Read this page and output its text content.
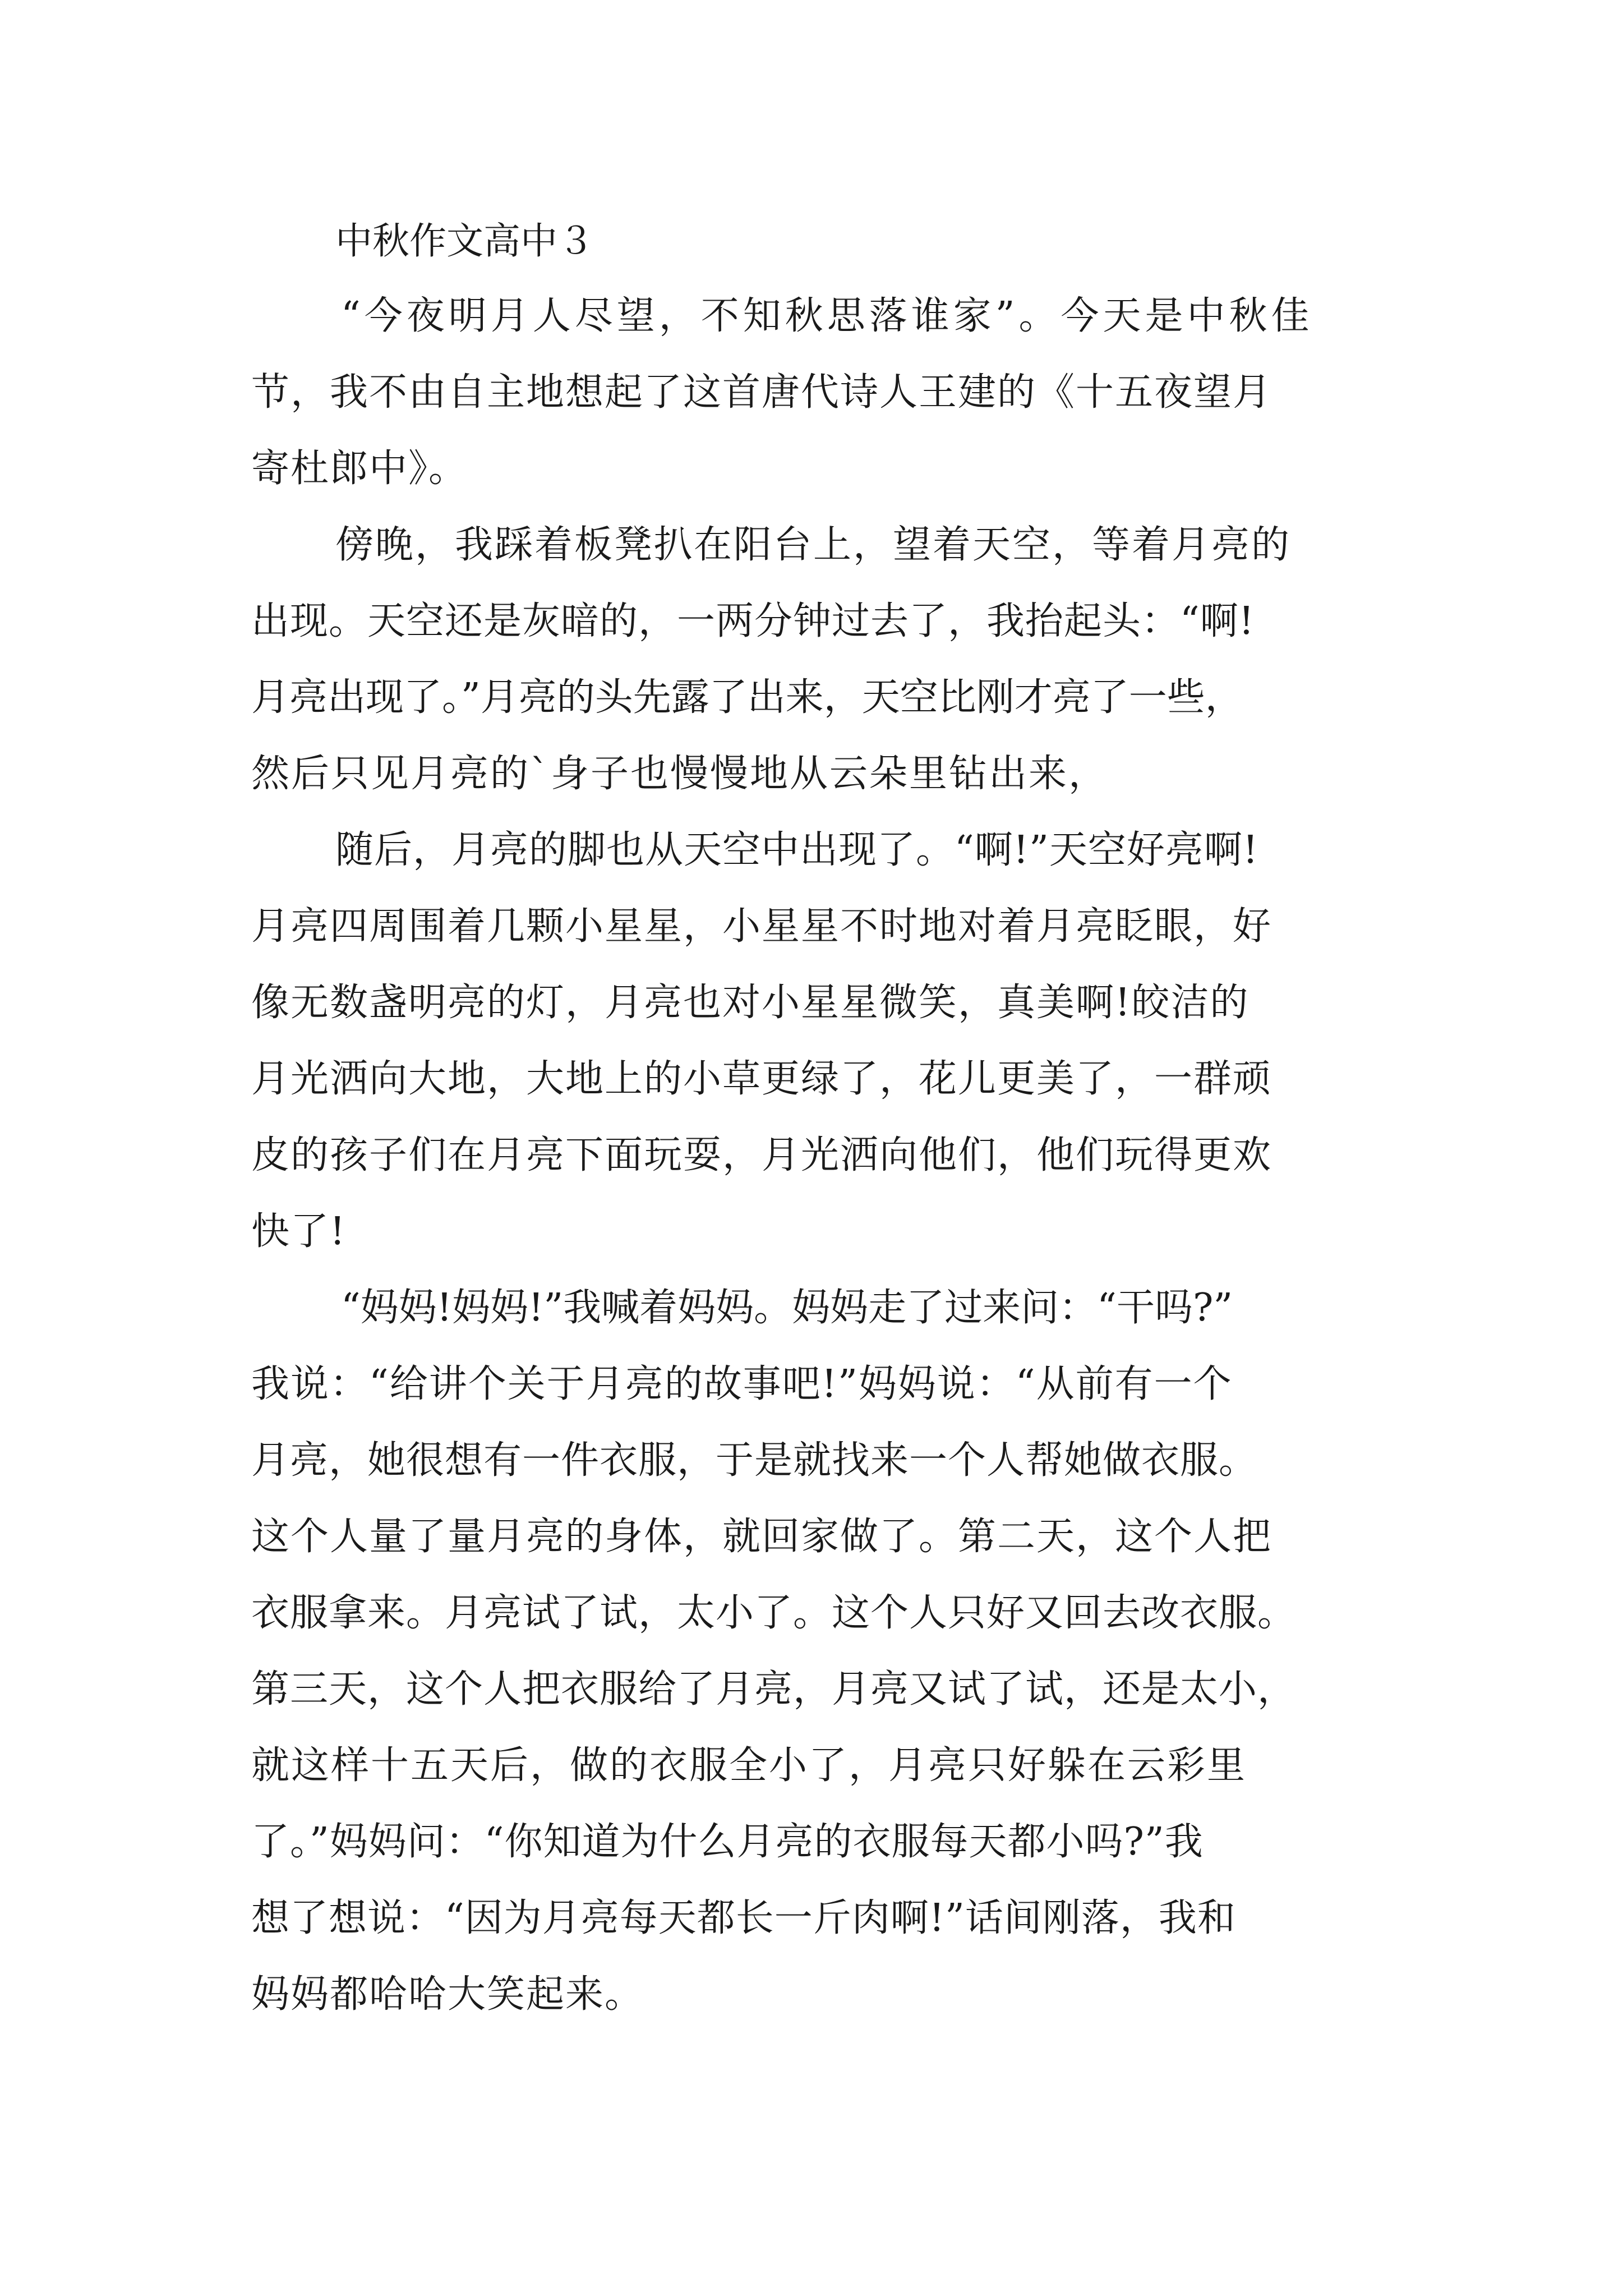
中秋作文高中３
“今夜明月人尽望，不知秋思落谁家”。今天是中秋佳
节，我不由自主地想起了这首唐代诗人王建的《十五夜望月
寄杜郎中》。
傍晚，我踩着板凳扒在阳台上，望着天空，等着月亮的
出现。天空还是灰暗的，一两分钟过去了，我抬起头：“啊!
月亮出现了。”月亮的头先露了出来，天空比刚才亮了一些，
然后只见月亮的`身子也慢慢地从云朵里钻出来，
随后，月亮的脚也从天空中出现了。“啊!”天空好亮啊!
月亮四周围着几颗小星星，小星星不时地对着月亮眨眼，好
像无数盏明亮的灯，月亮也对小星星微笑，真美啊!皎洁的
月光洒向大地，大地上的小草更绿了，花儿更美了，一群顽
皮的孩子们在月亮下面玩耍，月光洒向他们，他们玩得更欢
快了!
“妈妈!妈妈!”我喊着妈妈。妈妈走了过来问：“干吗?”
我说：“给讲个关于月亮的故事吧!”妈妈说：“从前有一个
月亮，她很想有一件衣服，于是就找来一个人帮她做衣服。
这个人量了量月亮的身体，就回家做了。第二天，这个人把
衣服拿来。月亮试了试，太小了。这个人只好又回去改衣服。
第三天，这个人把衣服给了月亮，月亮又试了试，还是太小，
就这样十五天后，做的衣服全小了，月亮只好躲在云彩里
了。”妈妈问：“你知道为什么月亮的衣服每天都小吗?”我
想了想说：“因为月亮每天都长一斤肉啊!”话间刚落，我和
妈妈都哈哈大笑起来。
